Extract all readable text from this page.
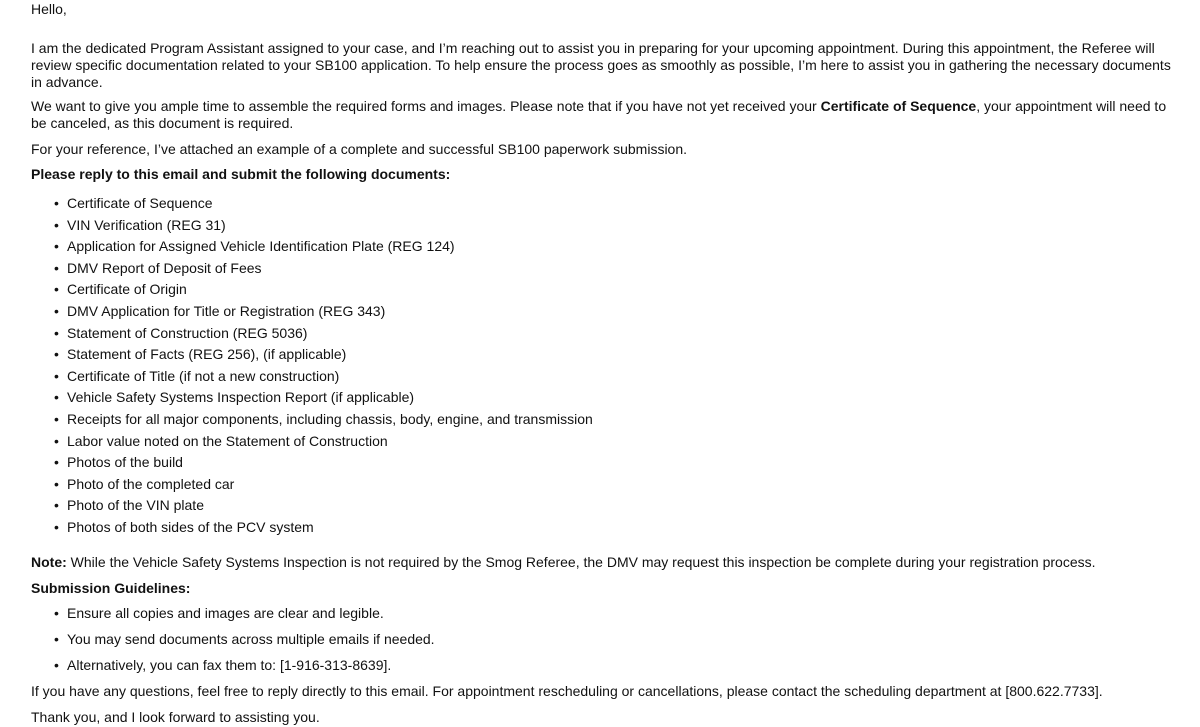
Hello,

I am the dedicated Program Assistant assigned to your case, and I’m reaching out to assist you in preparing for your upcoming appointment. During this appointment, the Referee will review specific documentation related to your SB100 application. To help ensure the process goes as smoothly as possible, I’m here to assist you in gathering the necessary documents in advance.

We want to give you ample time to assemble the required forms and images. Please note that if you have not yet received your Certificate of Sequence, your appointment will need to be canceled, as this document is required.

For your reference, I’ve attached an example of a complete and successful SB100 paperwork submission.

Please reply to this email and submit the following documents:

• Certificate of Sequence
• VIN Verification (REG 31)
• Application for Assigned Vehicle Identification Plate (REG 124)
• DMV Report of Deposit of Fees
• Certificate of Origin
• DMV Application for Title or Registration (REG 343)
• Statement of Construction (REG 5036)
• Statement of Facts (REG 256), (if applicable)
• Certificate of Title (if not a new construction)
• Vehicle Safety Systems Inspection Report (if applicable)
• Receipts for all major components, including chassis, body, engine, and transmission
• Labor value noted on the Statement of Construction
• Photos of the build
• Photo of the completed car
• Photo of the VIN plate
• Photos of both sides of the PCV system

Note: While the Vehicle Safety Systems Inspection is not required by the Smog Referee, the DMV may request this inspection be complete during your registration process.

Submission Guidelines:

• Ensure all copies and images are clear and legible.
• You may send documents across multiple emails if needed.
• Alternatively, you can fax them to: [1-916-313-8639].

If you have any questions, feel free to reply directly to this email. For appointment rescheduling or cancellations, please contact the scheduling department at [800.622.7733].

Thank you, and I look forward to assisting you.
